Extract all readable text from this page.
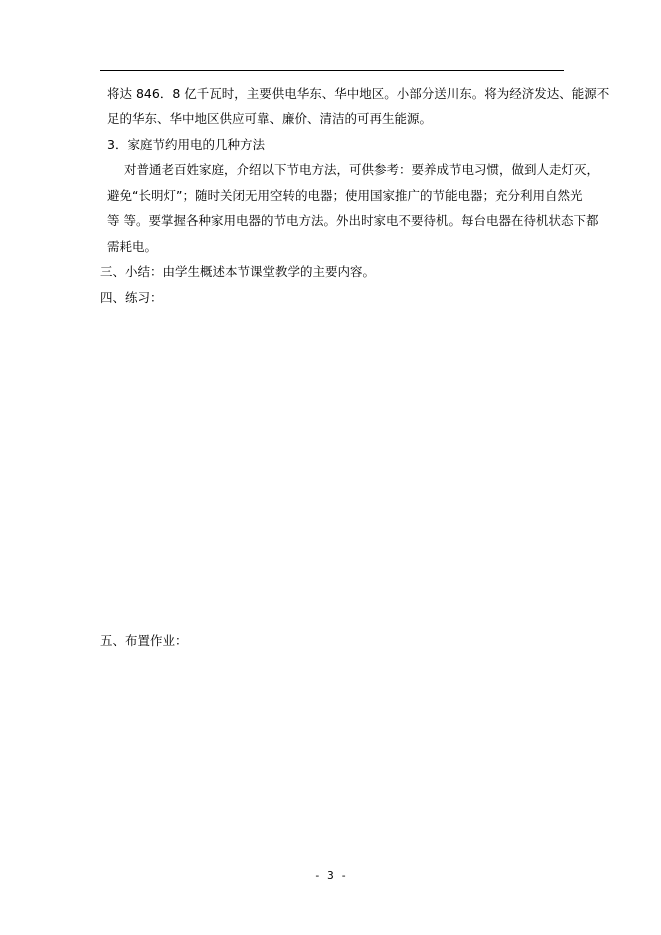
将达 846．8 亿千瓦时，主要供电华东、华中地区。小部分送川东。将为经济发达、能源不
足的华东、华中地区供应可靠、廉价、清洁的可再生能源。
3．家庭节约用电的几种方法
对普通老百姓家庭，介绍以下节电方法，可供参考：要养成节电习惯，做到人走灯灭，
避免“长明灯”；随时关闭无用空转的电器；使用国家推广的节能电器；充分利用自然光
等 等。要掌握各种家用电器的节电方法。外出时家电不要待机。每台电器在待机状态下都
需耗电。
三、小结：由学生概述本节课堂教学的主要内容。
四、练习：
五、布置作业：
- 3 -
